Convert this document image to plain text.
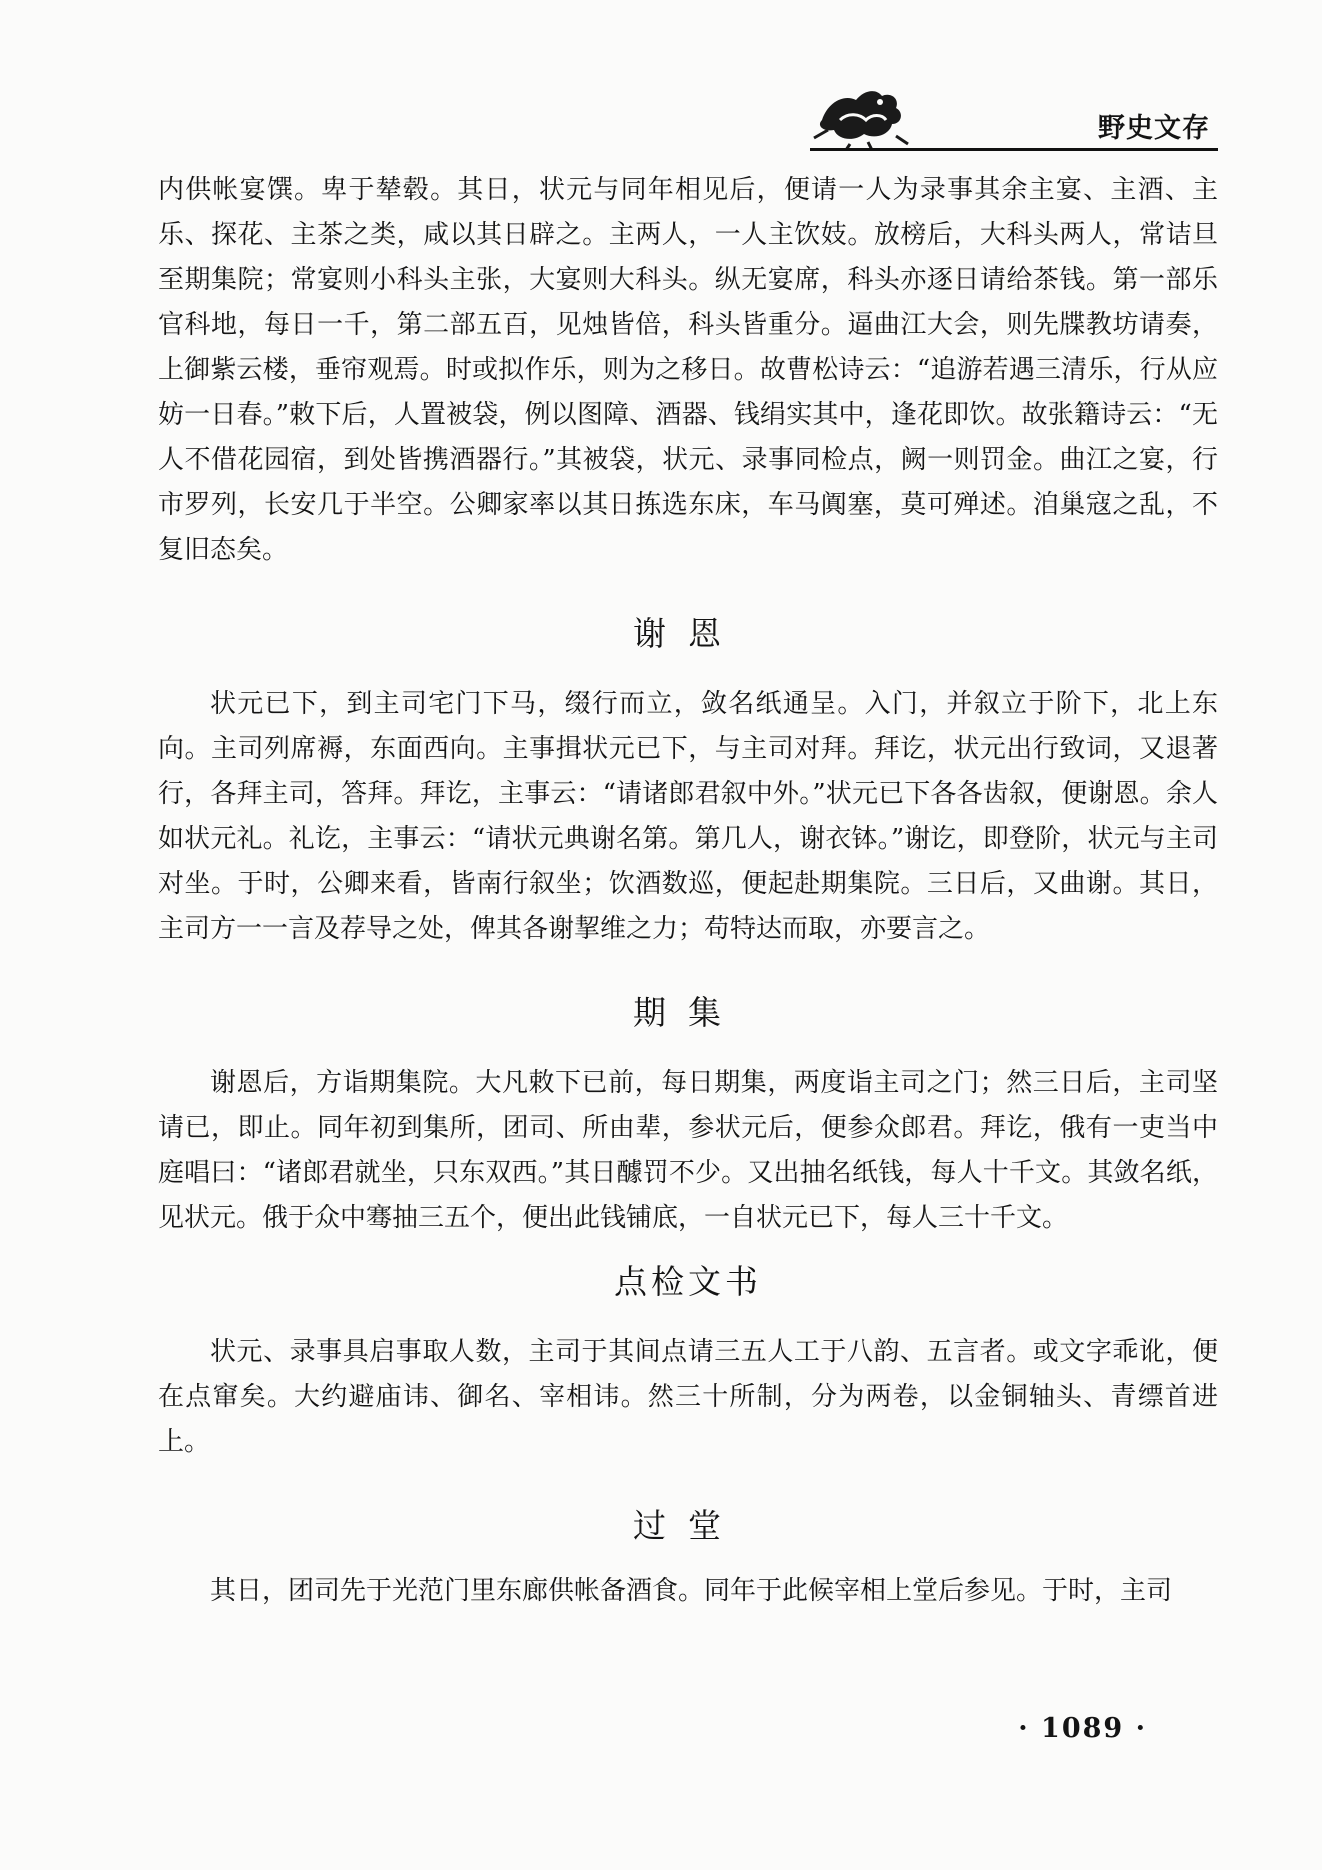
野史文存

内供帐宴馔。卑于辇毂。其日，状元与同年相见后，便请一人为录事其余主宴、主酒、主乐、探花、主茶之类，咸以其日辟之。主两人，一人主饮妓。放榜后，大科头两人，常诘旦至期集院；常宴则小科头主张，大宴则大科头。纵无宴席，科头亦逐日请给茶钱。第一部乐官科地，每日一千，第二部五百，见烛皆倍，科头皆重分。逼曲江大会，则先牒教坊请奏，上御紫云楼，垂帘观焉。时或拟作乐，则为之移日。故曹松诗云：“追游若遇三清乐，行从应妨一日春。”敕下后，人置被袋，例以图障、酒器、钱绢实其中，逢花即饮。故张籍诗云：“无人不借花园宿，到处皆携酒器行。”其被袋，状元、录事同检点，阙一则罚金。曲江之宴，行市罗列，长安几于半空。公卿家率以其日拣选东床，车马阗塞，莫可殚述。洎巢寇之乱，不复旧态矣。

谢恩

状元已下，到主司宅门下马，缀行而立，敛名纸通呈。入门，并叙立于阶下，北上东向。主司列席褥，东面西向。主事揖状元已下，与主司对拜。拜讫，状元出行致词，又退著行，各拜主司，答拜。拜讫，主事云：“请诸郎君叙中外。”状元已下各各齿叙，便谢恩。余人如状元礼。礼讫，主事云：“请状元典谢名第。第几人，谢衣钵。”谢讫，即登阶，状元与主司对坐。于时，公卿来看，皆南行叙坐；饮酒数巡，便起赴期集院。三日后，又曲谢。其日，主司方一一言及荐导之处，俾其各谢挈维之力；苟特达而取，亦要言之。

期集

谢恩后，方诣期集院。大凡敕下已前，每日期集，两度诣主司之门；然三日后，主司坚请已，即止。同年初到集所，团司、所由辈，参状元后，便参众郎君。拜讫，俄有一吏当中庭唱曰：“诸郎君就坐，只东双西。”其日醵罚不少。又出抽名纸钱，每人十千文。其敛名纸，见状元。俄于众中骞抽三五个，便出此钱铺底，一自状元已下，每人三十千文。

点检文书

状元、录事具启事取人数，主司于其间点请三五人工于八韵、五言者。或文字乖讹，便在点窜矣。大约避庙讳、御名、宰相讳。然三十所制，分为两卷，以金铜轴头、青缥首进上。

过堂

其日，团司先于光范门里东廊供帐备酒食。同年于此候宰相上堂后参见。于时，主司

· 1089 ·
